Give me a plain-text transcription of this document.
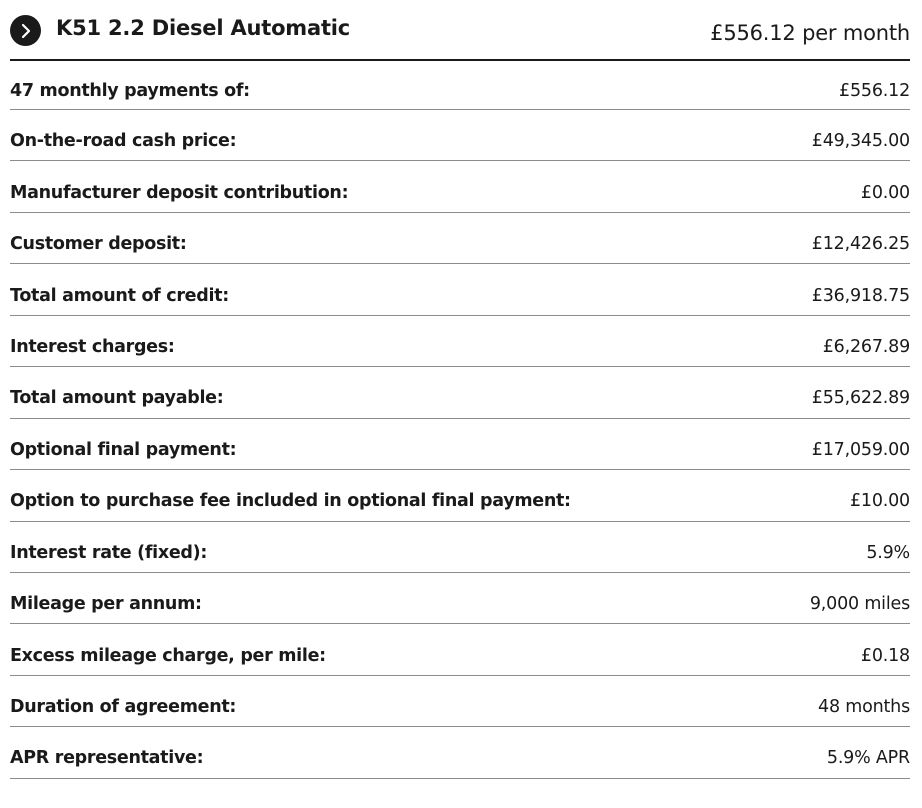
K51 2.2 Diesel Automatic	£556.12 per month
47 monthly payments of:	£556.12
On-the-road cash price:	£49,345.00
Manufacturer deposit contribution:	£0.00
Customer deposit:	£12,426.25
Total amount of credit:	£36,918.75
Interest charges:	£6,267.89
Total amount payable:	£55,622.89
Optional final payment:	£17,059.00
Option to purchase fee included in optional final payment:	£10.00
Interest rate (fixed):	5.9%
Mileage per annum:	9,000 miles
Excess mileage charge, per mile:	£0.18
Duration of agreement:	48 months
APR representative:	5.9% APR
